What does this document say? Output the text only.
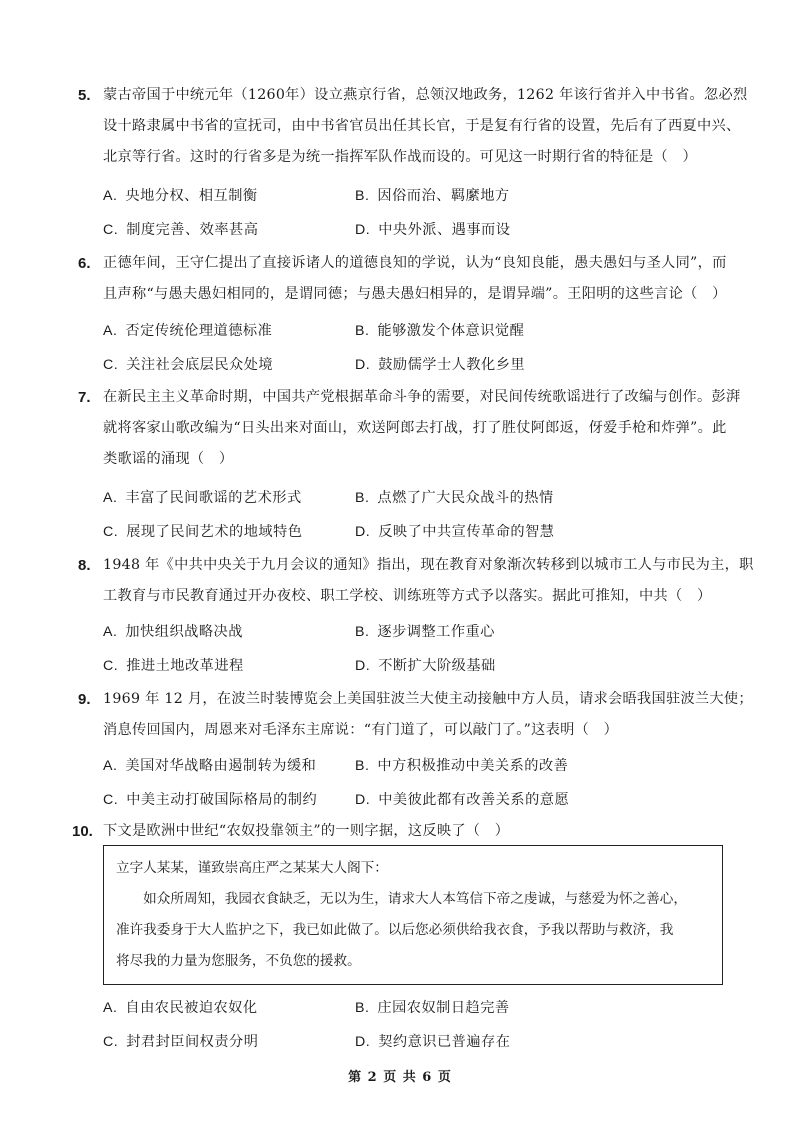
5. 蒙古帝国于中统元年（1260年）设立燕京行省，总领汉地政务，1262 年该行省并入中书省。忽必烈

设十路隶属中书省的宣抚司，由中书省官员出任其长官，于是复有行省的设置，先后有了西夏中兴、

北京等行省。这时的行省多是为统一指挥军队作战而设的。可见这一时期行省的特征是（　）

A. 央地分权、相互制衡	B. 因俗而治、羁縻地方
C. 制度完善、效率甚高	D. 中央外派、遇事而设
6. 正德年间，王守仁提出了直接诉诸人的道德良知的学说，认为“良知良能，愚夫愚妇与圣人同”，而

且声称“与愚夫愚妇相同的，是谓同德；与愚夫愚妇相异的，是谓异端”。王阳明的这些言论（　）

A. 否定传统伦理道德标准	B. 能够激发个体意识觉醒
C. 关注社会底层民众处境	D. 鼓励儒学士人教化乡里
7. 在新民主主义革命时期，中国共产党根据革命斗争的需要，对民间传统歌谣进行了改编与创作。彭湃

就将客家山歌改编为“日头出来对面山，欢送阿郎去打战，打了胜仗阿郎返，伢爱手枪和炸弹”。此

类歌谣的涌现（　）

A. 丰富了民间歌谣的艺术形式	B. 点燃了广大民众战斗的热情
C. 展现了民间艺术的地域特色	D. 反映了中共宣传革命的智慧
8. 1948 年《中共中央关于九月会议的通知》指出，现在教育对象渐次转移到以城市工人与市民为主，职

工教育与市民教育通过开办夜校、职工学校、训练班等方式予以落实。据此可推知，中共（　）

A. 加快组织战略决战	B. 逐步调整工作重心
C. 推进土地改革进程	D. 不断扩大阶级基础
9. 1969 年 12 月，在波兰时装博览会上美国驻波兰大使主动接触中方人员，请求会晤我国驻波兰大使；

消息传回国内，周恩来对毛泽东主席说：“有门道了，可以敲门了。”这表明（　）

A. 美国对华战略由遏制转为缓和	B. 中方积极推动中美关系的改善
C. 中美主动打破国际格局的制约	D. 中美彼此都有改善关系的意愿
10. 下文是欧洲中世纪“农奴投靠领主”的一则字据，这反映了（　）

立字人某某，谨致崇高庄严之某某大人阁下：

　　如众所周知，我园衣食缺乏，无以为生，请求大人本笃信下帝之虔诚，与慈爱为怀之善心，

准许我委身于大人监护之下，我已如此做了。以后您必须供给我衣食，予我以帮助与救济，我

将尽我的力量为您服务，不负您的援救。

A. 自由农民被迫农奴化	B. 庄园农奴制日趋完善
C. 封君封臣间权责分明	D. 契约意识已普遍存在
第 2 页 共 6 页
